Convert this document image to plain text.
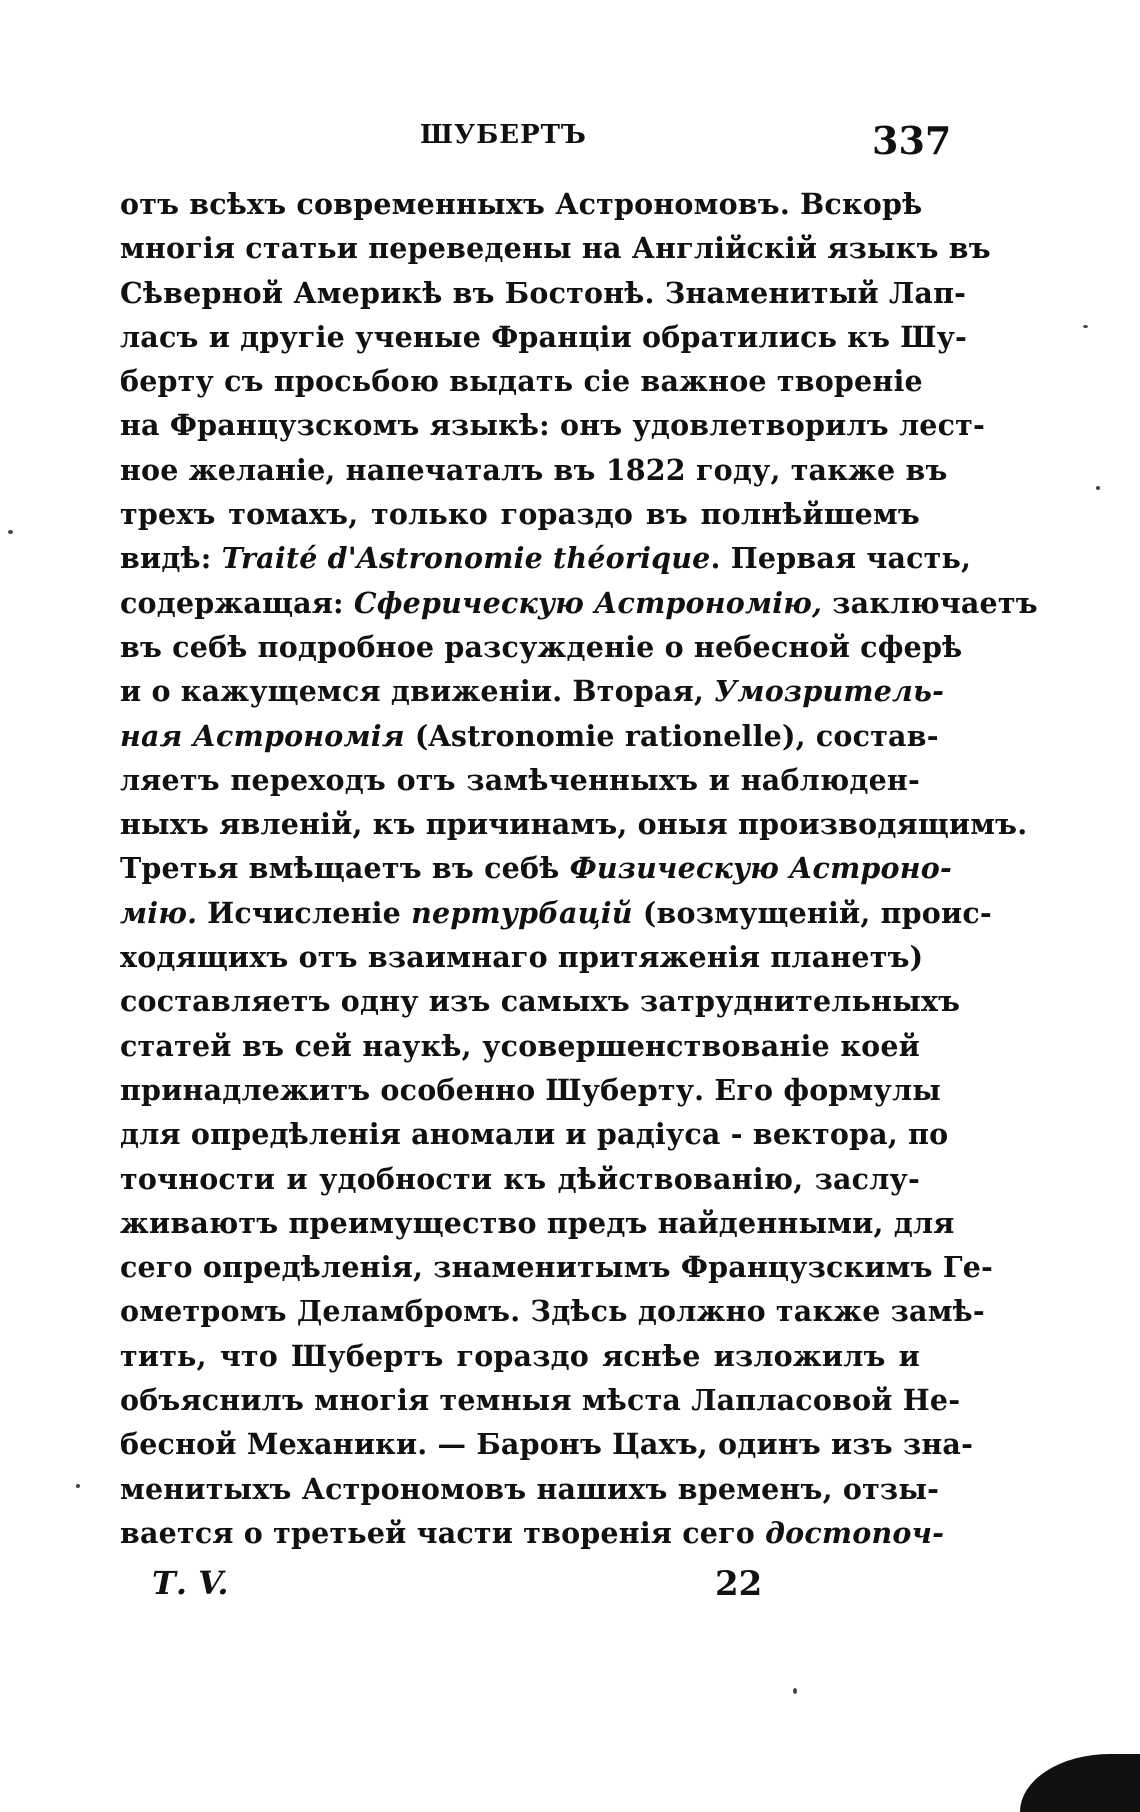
ШУБЕРТЪ	337
отъ всѣхъ современныхъ Астрономовъ. Вскорѣ
многія статьи переведены на Англійскій языкъ въ
Сѣверной Америкѣ въ Бостонѣ. Знаменитый Лап-
ласъ и другіе ученые Франціи обратились къ Шу-
берту съ просьбою выдать сіе важное твореніе
на Французскомъ языкѣ: онъ удовлетворилъ лест-
ное желаніе, напечаталъ въ 1822 году, также въ
трехъ томахъ, только гораздо въ полнѣйшемъ
видѣ: Traité d'Astronomie théorique. Первая часть,
содержащая: Сферическую Астрономію, заключаетъ
въ себѣ подробное разсужденіе о небесной сферѣ
и о кажущемся движеніи. Вторая, Умозритель-
ная Астрономія (Astronomie rationelle), состав-
ляетъ переходъ отъ замѣченныхъ и наблюден-
ныхъ явленій, къ причинамъ, оныя производящимъ.
Третья вмѣщаетъ въ себѣ Физическую Астроно-
мію. Исчисленіе пертурбацій (возмущеній, проис-
ходящихъ отъ взаимнаго притяженія планетъ)
составляетъ одну изъ самыхъ затруднительныхъ
статей въ сей наукѣ, усовершенствованіе коей
принадлежитъ особенно Шуберту. Его формулы
для опредѣленія аномали и радіуса - вектора, по
точности и удобности къ дѣйствованію, заслу-
живаютъ преимущество предъ найденными, для
сего опредѣленія, знаменитымъ Французскимъ Ге-
ометромъ Деламбромъ. Здѣсь должно также замѣ-
тить, что Шубертъ гораздо яснѣе изложилъ и
объяснилъ многія темныя мѣста Лапласовой Не-
бесной Механики. — Баронъ Цахъ, одинъ изъ зна-
менитыхъ Астрономовъ нашихъ временъ, отзы-
вается о третьей части творенія сего достопоч-
Т. V.	22
